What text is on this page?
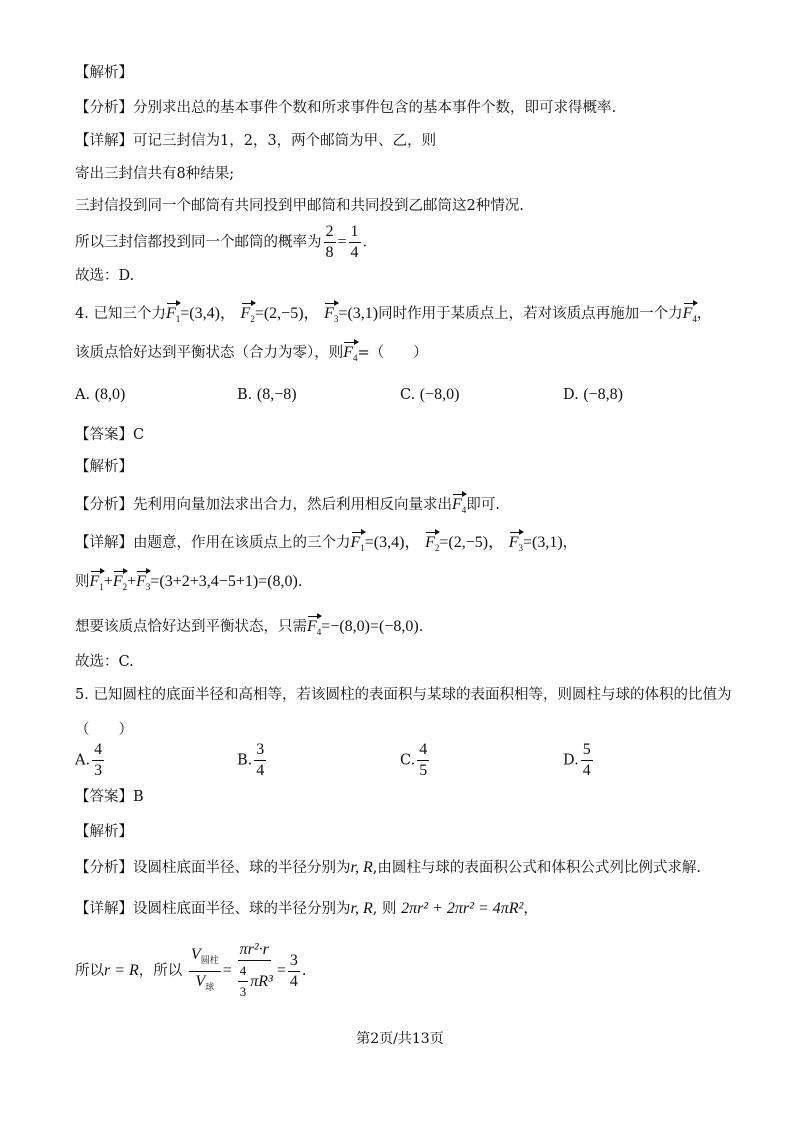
【解析】
【分析】分别求出总的基本事件个数和所求事件包含的基本事件个数，即可求得概率.
【详解】可记三封信为1，2，3，两个邮筒为甲、乙，则
寄出三封信共有8种结果;
三封信投到同一个邮筒有共同投到甲邮筒和共同投到乙邮筒这2种情况.
所以三封信都投到同一个邮筒的概率为 $\frac{2}{8} = \frac{1}{4}$ .
故选：D.
4. 已知三个力$F_1=(3,4)$， $F_2=(2,-5)$， $F_3=(3,1)$同时作用于某质点上，若对该质点再施加一个力$F_4$，
该质点恰好达到平衡状态（合力为零），则$F_4=$（　　）
A. (8,0)	B. (8,−8)	C. (−8,0)	D. (−8,8)
【答案】C
【解析】
【分析】先利用向量加法求出合力，然后利用相反向量求出$F_4$即可.
【详解】由题意，作用在该质点上的三个力$F_1=(3,4)$， $F_2=(2,-5)$， $F_3=(3,1)$，
则$F_1+F_2+F_3=(3+2+3,4-5+1)=(8,0)$.
想要该质点恰好达到平衡状态，只需$F_4=-(8,0)=(-8,0)$.
故选：C.
5. 已知圆柱的底面半径和高相等，若该圆柱的表面积与某球的表面积相等，则圆柱与球的体积的比值为
（　　）
A. $\frac{4}{3}$	B. $\frac{3}{4}$	C. $\frac{4}{5}$	D. $\frac{5}{4}$
【答案】B
【解析】
【分析】设圆柱底面半径、球的半径分别为r, R,由圆柱与球的表面积公式和体积公式列比例式求解.
【详解】设圆柱底面半径、球的半径分别为r, R, 则 2πr² + 2πr² = 4πR²，
所以r = R，所以 $\frac{V_{圆柱}}{V_球} = \frac{\text{πr²·r}}{\frac{4}{3} \pi R^3} = \frac{3}{4}$ .
第2页/共13页
